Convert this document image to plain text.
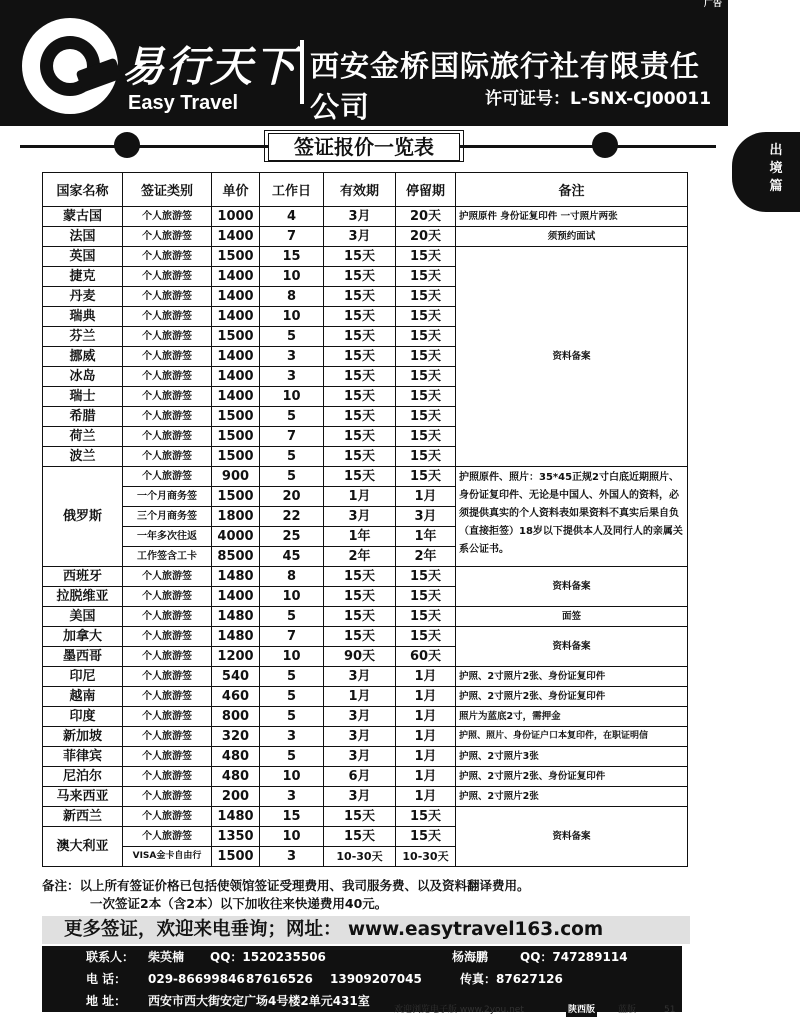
广告
易行天下
Easy Travel
西安金桥国际旅行社有限责任公司	许可证号：L-SNX-CJ00011
出
境
篇
签证报价一览表
国家名称	签证类别	单价	工作日	有效期	停留期	备注
蒙古国	个人旅游签	1000	4	3月	20天	护照原件 身份证复印件 一寸照片两张
法国	个人旅游签	1400	7	3月	20天	须预约面试
英国	个人旅游签	1500	15	15天	15天	资料备案
捷克	个人旅游签	1400	10	15天	15天	
丹麦	个人旅游签	1400	8	15天	15天	
瑞典	个人旅游签	1400	10	15天	15天	
芬兰	个人旅游签	1500	5	15天	15天	
挪威	个人旅游签	1400	3	15天	15天	
冰岛	个人旅游签	1400	3	15天	15天	
瑞士	个人旅游签	1400	10	15天	15天	
希腊	个人旅游签	1500	5	15天	15天	
荷兰	个人旅游签	1500	7	15天	15天	
波兰	个人旅游签	1500	5	15天	15天	
俄罗斯	个人旅游签	900	5	15天	15天	护照原件、照片：35*45正规2寸白底近期照片、身份证复印件、无论是中国人、外国人的资料，必须提供真实的个人资料表如果资料不真实后果自负（直接拒签）18岁以下提供本人及同行人的亲属关系公证书。
	一个月商务签	1500	20	1月	1月	
	三个月商务签	1800	22	3月	3月	
	一年多次往返	4000	25	1年	1年	
	工作签含工卡	8500	45	2年	2年	
西班牙	个人旅游签	1480	8	15天	15天	资料备案
拉脱维亚	个人旅游签	1400	10	15天	15天	
美国	个人旅游签	1480	5	15天	15天	面签
加拿大	个人旅游签	1480	7	15天	15天	资料备案
墨西哥	个人旅游签	1200	10	90天	60天	
印尼	个人旅游签	540	5	3月	1月	护照、2寸照片2张、身份证复印件
越南	个人旅游签	460	5	1月	1月	护照、2寸照片2张、身份证复印件
印度	个人旅游签	800	5	3月	1月	照片为蓝底2寸，需押金
新加坡	个人旅游签	320	3	3月	1月	护照、照片、身份证户口本复印件，在职证明信
菲律宾	个人旅游签	480	5	3月	1月	护照、2寸照片3张
尼泊尔	个人旅游签	480	10	6月	1月	护照、2寸照片2张、身份证复印件
马来西亚	个人旅游签	200	3	3月	1月	护照、2寸照片2张
新西兰	个人旅游签	1480	15	15天	15天	资料备案
澳大利亚	个人旅游签	1350	10	15天	15天	
	VISA金卡自由行	1500	3	10-30天	10-30天	
备注：以上所有签证价格已包括使领馆签证受理费用、我司服务费、以及资料翻译费用。
一次签证2本（含2本）以下加收往来快递费用40元。
更多签证，欢迎来电垂询；网址： www.easytravel163.com
联系人： 柴英楠 QQ：1520235506	杨海鹏	QQ：747289114
电 话： 029-86699846 87616526 13909207045	传真：87627126
地 址： 西安市西大街安定广场4号楼2单元431室
欢迎浏览电子版 www.2you.net	陕西版	蓝版	51
